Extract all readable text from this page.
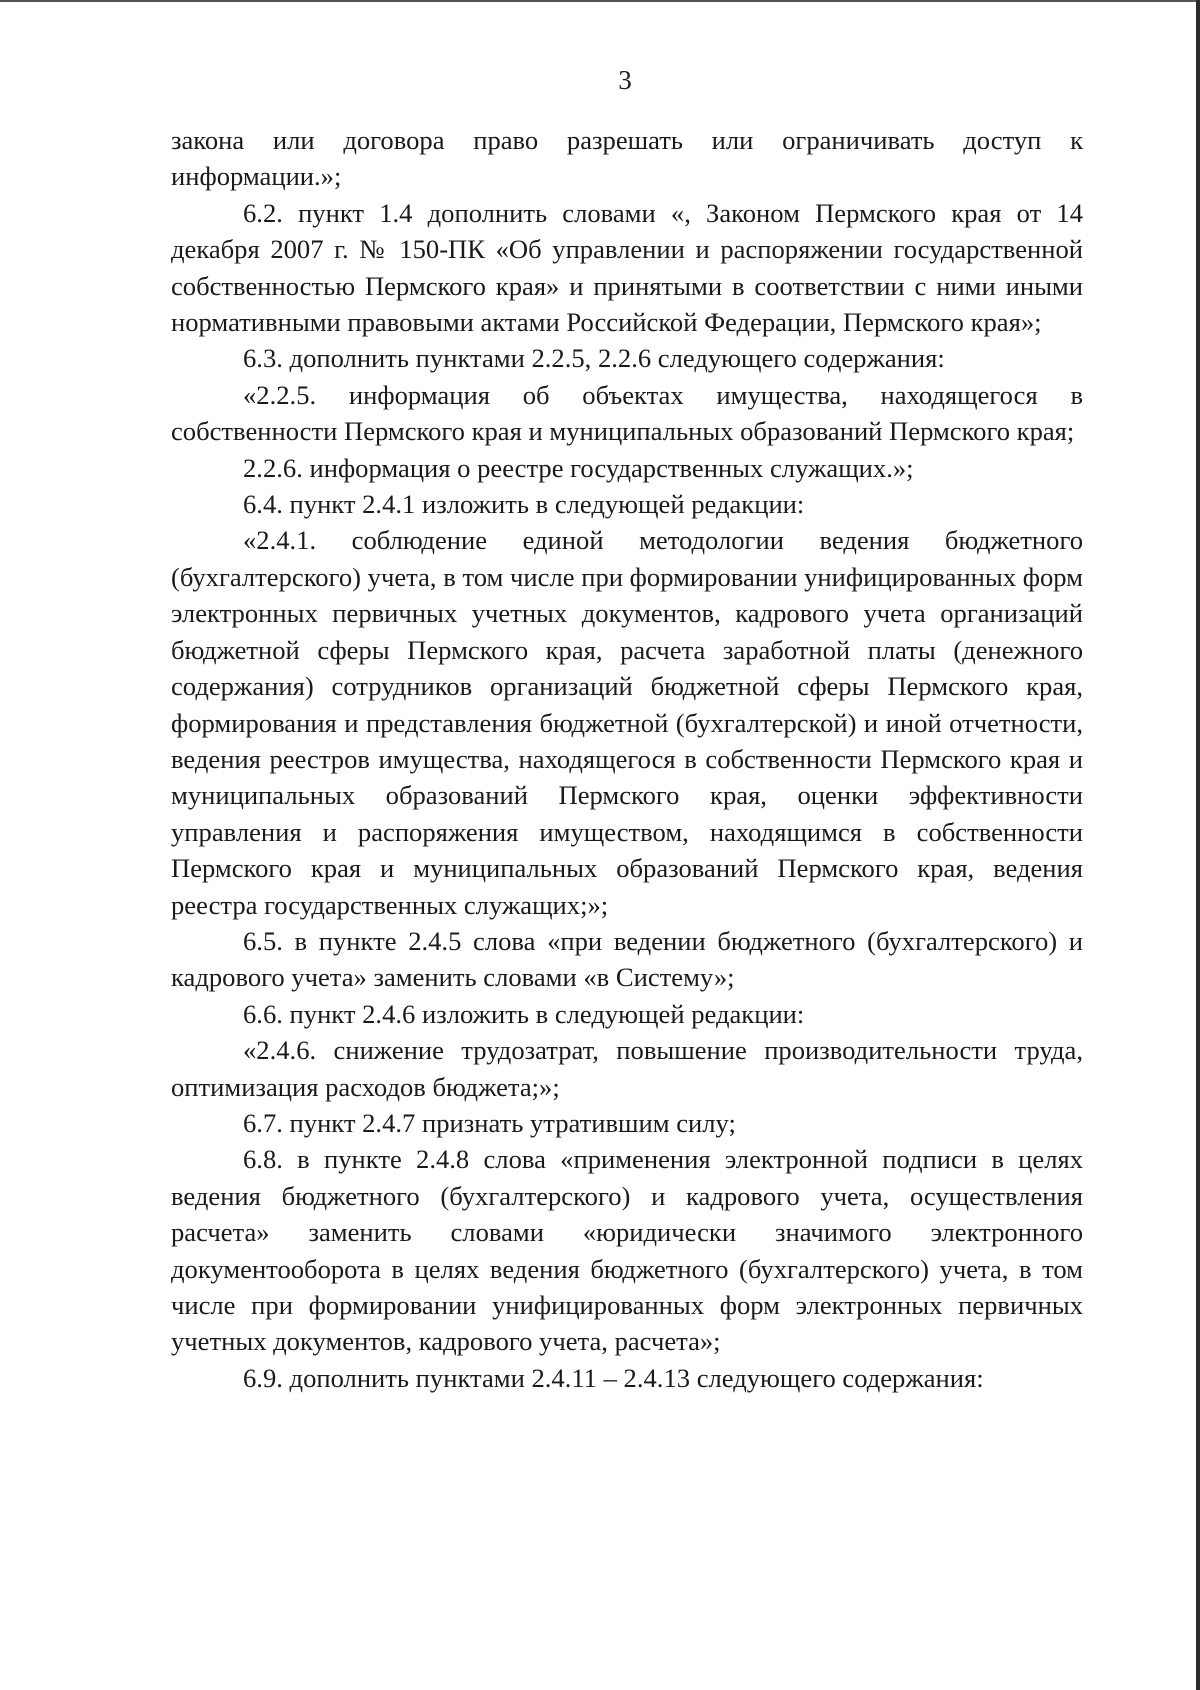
3

закона или договора право разрешать или ограничивать доступ к информации.»;

6.2. пункт 1.4 дополнить словами «, Законом Пермского края от 14 декабря 2007 г. № 150-ПК «Об управлении и распоряжении государственной собственностью Пермского края» и принятыми в соответствии с ними иными нормативными правовыми актами Российской Федерации, Пермского края»;

6.3. дополнить пунктами 2.2.5, 2.2.6 следующего содержания:

«2.2.5. информация об объектах имущества, находящегося в собственности Пермского края и муниципальных образований Пермского края;

2.2.6. информация о реестре государственных служащих.»;

6.4. пункт 2.4.1 изложить в следующей редакции:

«2.4.1. соблюдение единой методологии ведения бюджетного (бухгалтерского) учета, в том числе при формировании унифицированных форм электронных первичных учетных документов, кадрового учета организаций бюджетной сферы Пермского края, расчета заработной платы (денежного содержания) сотрудников организаций бюджетной сферы Пермского края, формирования и представления бюджетной (бухгалтерской) и иной отчетности, ведения реестров имущества, находящегося в собственности Пермского края и муниципальных образований Пермского края, оценки эффективности управления и распоряжения имуществом, находящимся в собственности Пермского края и муниципальных образований Пермского края, ведения реестра государственных служащих;»;

6.5. в пункте 2.4.5 слова «при ведении бюджетного (бухгалтерского) и кадрового учета» заменить словами «в Систему»;

6.6. пункт 2.4.6 изложить в следующей редакции:

«2.4.6. снижение трудозатрат, повышение производительности труда, оптимизация расходов бюджета;»;

6.7. пункт 2.4.7 признать утратившим силу;

6.8. в пункте 2.4.8 слова «применения электронной подписи в целях ведения бюджетного (бухгалтерского) и кадрового учета, осуществления расчета» заменить словами «юридически значимого электронного документооборота в целях ведения бюджетного (бухгалтерского) учета, в том числе при формировании унифицированных форм электронных первичных учетных документов, кадрового учета, расчета»;

6.9. дополнить пунктами 2.4.11 – 2.4.13 следующего содержания:
